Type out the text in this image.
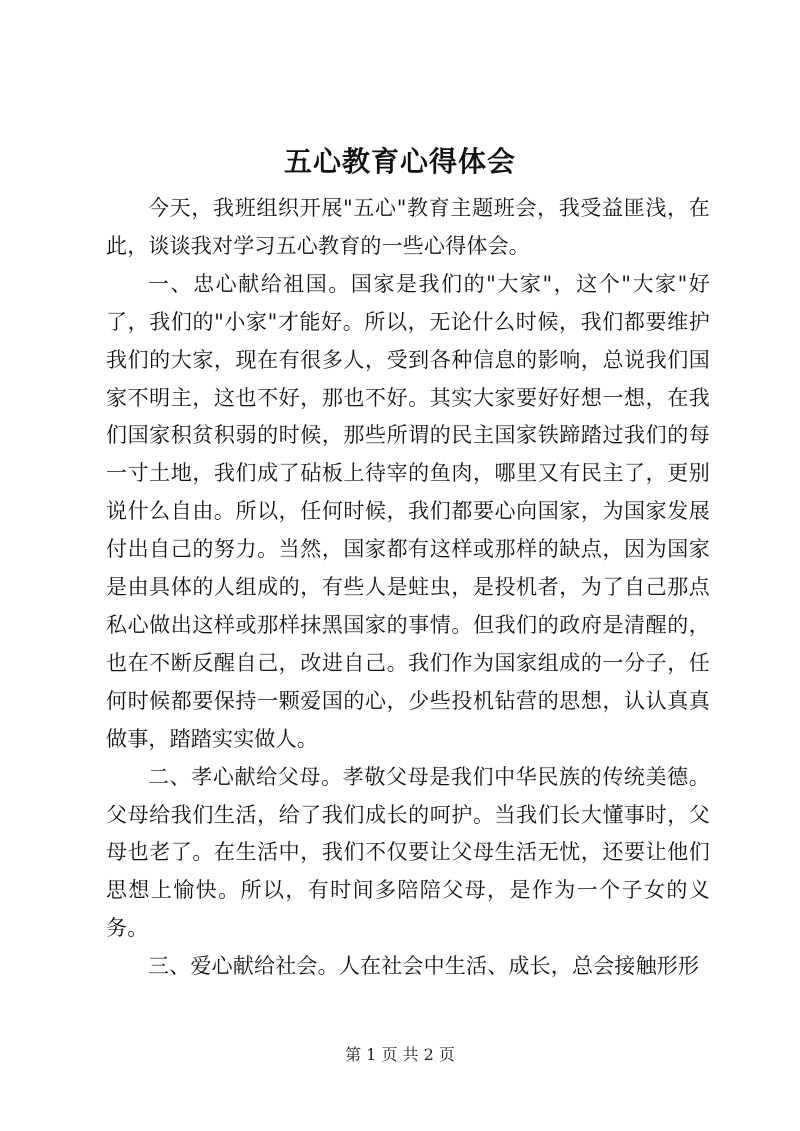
五心教育心得体会

今天，我班组织开展"五心"教育主题班会，我受益匪浅，在此，谈谈我对学习五心教育的一些心得体会。

一、忠心献给祖国。国家是我们的"大家"，这个"大家"好了，我们的"小家"才能好。所以，无论什么时候，我们都要维护我们的大家，现在有很多人，受到各种信息的影响，总说我们国家不明主，这也不好，那也不好。其实大家要好好想一想，在我们国家积贫积弱的时候，那些所谓的民主国家铁蹄踏过我们的每一寸土地，我们成了砧板上待宰的鱼肉，哪里又有民主了，更别说什么自由。所以，任何时候，我们都要心向国家，为国家发展付出自己的努力。当然，国家都有这样或那样的缺点，因为国家是由具体的人组成的，有些人是蛀虫，是投机者，为了自己那点私心做出这样或那样抹黑国家的事情。但我们的政府是清醒的，也在不断反醒自己，改进自己。我们作为国家组成的一分子，任何时候都要保持一颗爱国的心，少些投机钻营的思想，认认真真做事，踏踏实实做人。

二、孝心献给父母。孝敬父母是我们中华民族的传统美德。父母给我们生活，给了我们成长的呵护。当我们长大懂事时，父母也老了。在生活中，我们不仅要让父母生活无忧，还要让他们思想上愉快。所以，有时间多陪陪父母，是作为一个子女的义务。

三、爱心献给社会。人在社会中生活、成长，总会接触形形

第 1 页 共 2 页
